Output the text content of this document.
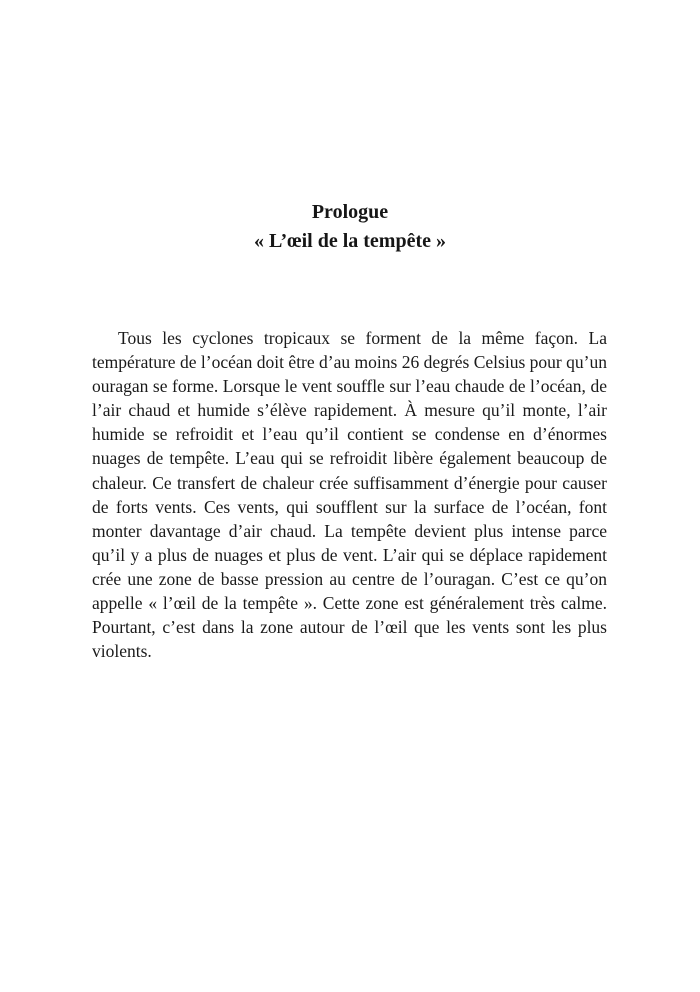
Prologue
« L’œil de la tempête »

Tous les cyclones tropicaux se forment de la même façon. La température de l’océan doit être d’au moins 26 degrés Celsius pour qu’un ouragan se forme. Lorsque le vent souffle sur l’eau chaude de l’océan, de l’air chaud et humide s’élève rapidement. À mesure qu’il monte, l’air humide se refroidit et l’eau qu’il contient se condense en d’énormes nuages de tempête. L’eau qui se refroidit libère également beaucoup de chaleur. Ce transfert de chaleur crée suffisamment d’énergie pour causer de forts vents. Ces vents, qui soufflent sur la surface de l’océan, font monter davantage d’air chaud. La tempête devient plus intense parce qu’il y a plus de nuages et plus de vent. L’air qui se déplace rapidement crée une zone de basse pression au centre de l’ouragan. C’est ce qu’on appelle « l’œil de la tempête ». Cette zone est généralement très calme. Pourtant, c’est dans la zone autour de l’œil que les vents sont les plus violents.
